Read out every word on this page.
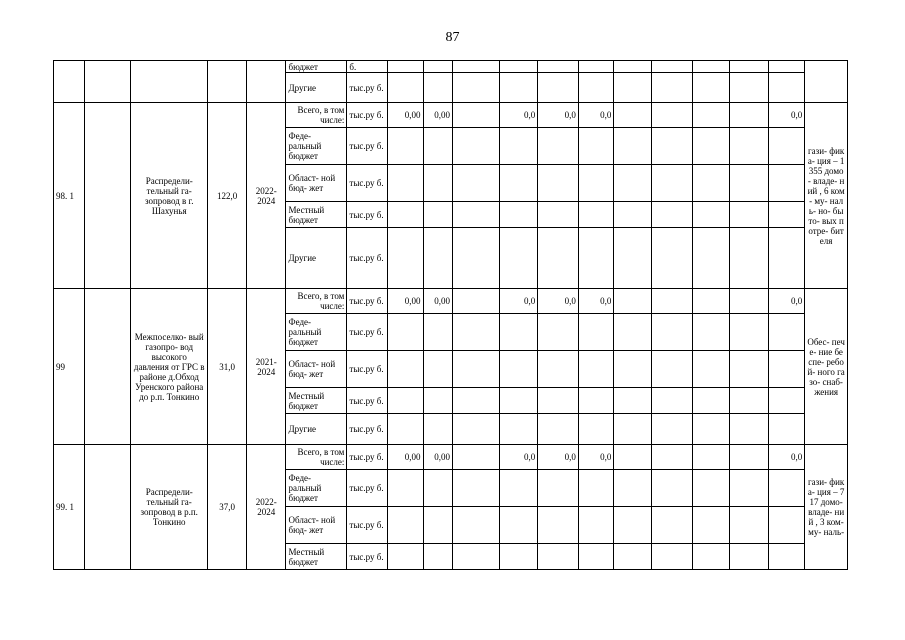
87
					бюджет	б.												
					Другие	тыс.ру б.												
98. 1		Распредели- тельный га- зопровод в г. Шахунья	122,0	2022- 2024	Всего, в том числе:	тыс.ру б.	0,00	0,00		0,0	0,0	0,0					0,0	гази- фика- ция – 1 355 домо- владе- ний , 6 ком- му- наль- но- быто- вых потре- бителя
					Феде- ральный бюджет	тыс.ру б.												
					Област- ной бюд- жет	тыс.ру б.												
					Местный бюджет	тыс.ру б.												
					Другие	тыс.ру б.												
99		Межпоселко- вый газопро- вод высокого давления от ГРС в районе д.Обход Уренского района до р.п. Тонкино	31,0	2021- 2024	Всего, в том числе:	тыс.ру б.	0,00	0,00		0,0	0,0	0,0					0,0	Обес- пече- ние беспе- ребой- ного газо- снаб- жения
					Феде- ральный бюджет	тыс.ру б.												
					Област- ной бюд- жет	тыс.ру б.												
					Местный бюджет	тыс.ру б.												
					Другие	тыс.ру б.												
99. 1		Распредели- тельный га- зопровод в р.п. Тонкино	37,0	2022- 2024	Всего, в том числе:	тыс.ру б.	0,00	0,00		0,0	0,0	0,0					0,0	гази- фика- ция – 717 домо- владе- ний , 3 ком- му- наль-
					Феде- ральный бюджет	тыс.ру б.												
					Област- ной бюд- жет	тыс.ру б.												
					Местный бюджет	тыс.ру б.												
